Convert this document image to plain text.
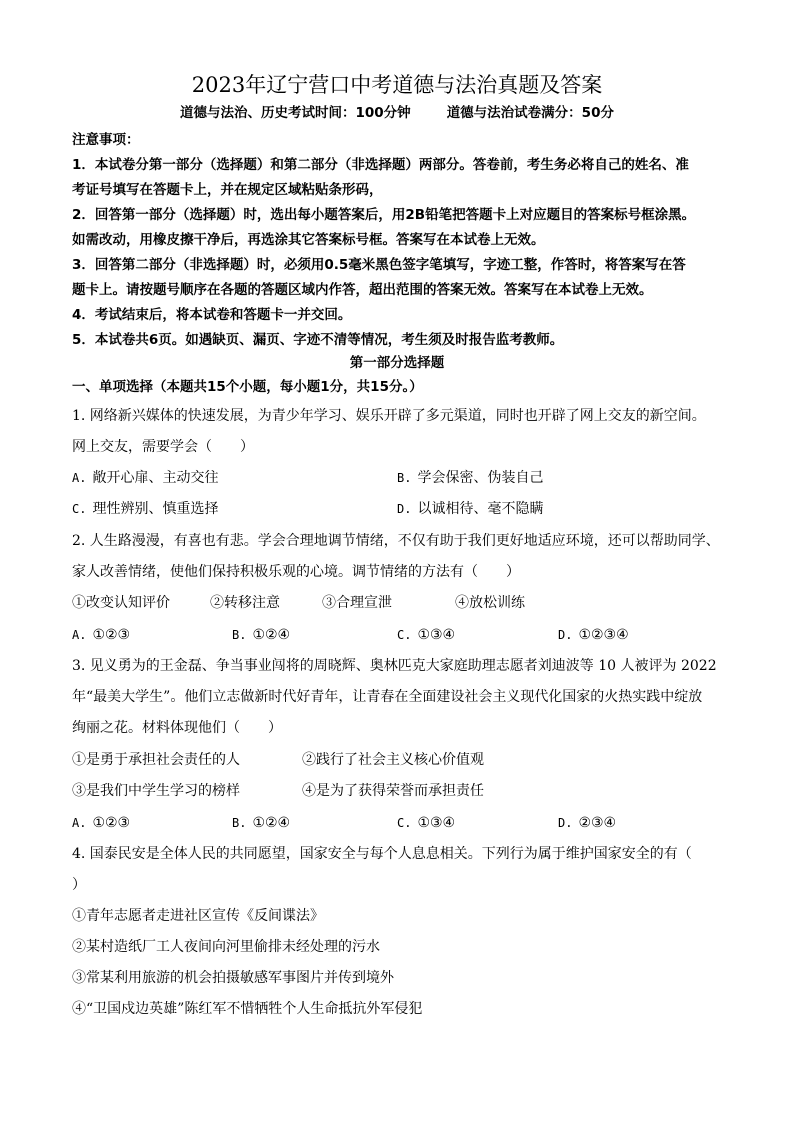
2023年辽宁营口中考道德与法治真题及答案
道德与法治、历史考试时间：100分钟	道德与法治试卷满分：50分
注意事项：
1．本试卷分第一部分（选择题）和第二部分（非选择题）两部分。答卷前，考生务必将自己的姓名、准
考证号填写在答题卡上，并在规定区域粘贴条形码，
2．回答第一部分（选择题）时，选出每小题答案后，用2B铅笔把答题卡上对应题目的答案标号框涂黑。
如需改动，用橡皮擦干净后，再选涂其它答案标号框。答案写在本试卷上无效。
3．回答第二部分（非选择题）时，必须用0.5毫米黑色签字笔填写，字迹工整，作答时，将答案写在答
题卡上。请按题号顺序在各题的答题区域内作答，超出范围的答案无效。答案写在本试卷上无效。
4．考试结束后，将本试卷和答题卡一并交回。
5．本试卷共6页。如遇缺页、漏页、字迹不清等情况，考生须及时报告监考教师。
第一部分选择题
一、单项选择（本题共15个小题，每小题1分，共15分。）
1. 网络新兴媒体的快速发展，为青少年学习、娱乐开辟了多元渠道，同时也开辟了网上交友的新空间。
网上交友，需要学会（　　）
A. 敞开心扉、主动交往	B. 学会保密、伪装自己
C. 理性辨别、慎重选择	D. 以诚相待、毫不隐瞒
2. 人生路漫漫，有喜也有悲。学会合理地调节情绪，不仅有助于我们更好地适应环境，还可以帮助同学、
家人改善情绪，使他们保持积极乐观的心境。调节情绪的方法有（　　）
①改变认知评价	②转移注意	③合理宣泄	④放松训练
A. ①②③	B. ①②④	C. ①③④	D. ①②③④
3. 见义勇为的王金磊、争当事业闯将的周晓辉、奥林匹克大家庭助理志愿者刘迪波等 10 人被评为 2022
年“最美大学生”。他们立志做新时代好青年，让青春在全面建设社会主义现代化国家的火热实践中绽放
绚丽之花。材料体现他们（　　）
①是勇于承担社会责任的人	②践行了社会主义核心价值观
③是我们中学生学习的榜样	④是为了获得荣誉而承担责任
A. ①②③	B. ①②④	C. ①③④	D. ②③④
4. 国泰民安是全体人民的共同愿望，国家安全与每个人息息相关。下列行为属于维护国家安全的有（
）
①青年志愿者走进社区宣传《反间谍法》
②某村造纸厂工人夜间向河里偷排未经处理的污水
③常某利用旅游的机会拍摄敏感军事图片并传到境外
④“卫国戍边英雄”陈红军不惜牺牲个人生命抵抗外军侵犯
